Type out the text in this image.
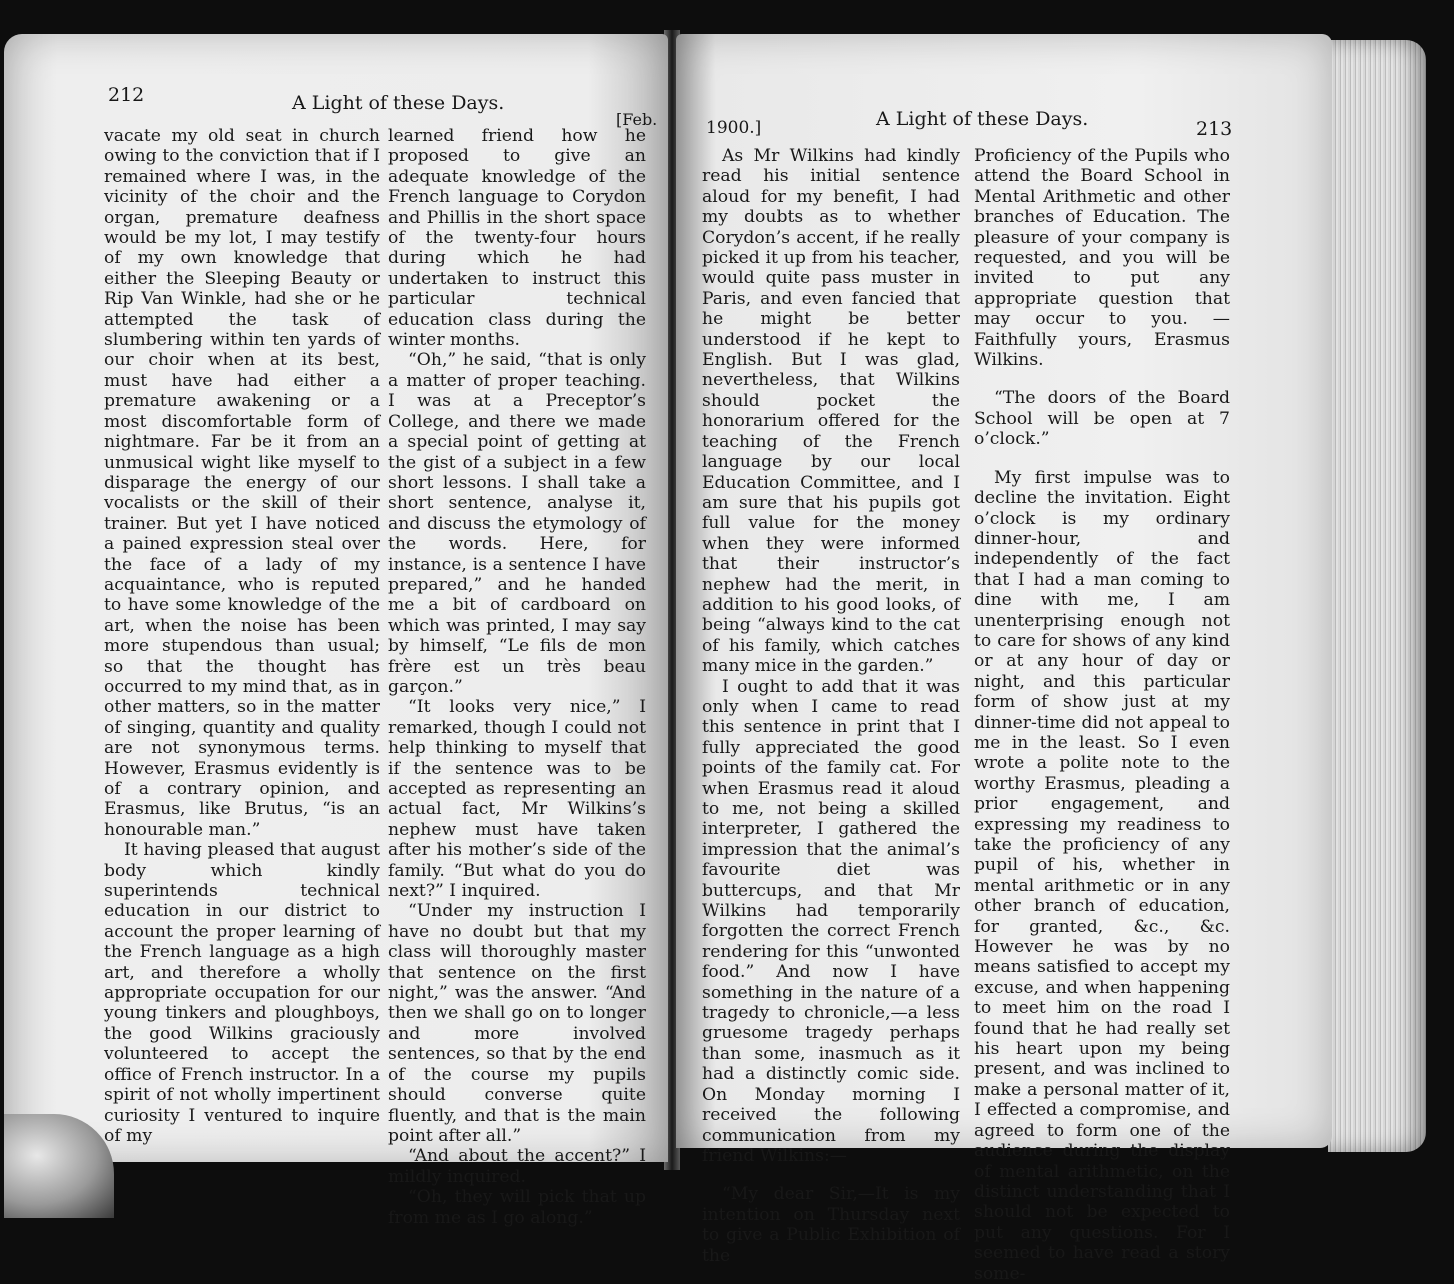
212	A Light of these Days.
[Feb.

vacate my old seat in church owing to the conviction that if I remained where I was, in the vicinity of the choir and the organ, premature deafness would be my lot, I may testify of my own knowledge that either the Sleeping Beauty or Rip Van Winkle, had she or he attempted the task of slumbering within ten yards of our choir when at its best, must have had either a premature awakening or a most discomfortable form of nightmare. Far be it from an unmusical wight like myself to disparage the energy of our vocalists or the skill of their trainer. But yet I have noticed a pained expression steal over the face of a lady of my acquaintance, who is reputed to have some knowledge of the art, when the noise has been more stupendous than usual; so that the thought has occurred to my mind that, as in other matters, so in the matter of singing, quantity and quality are not synonymous terms. However, Erasmus evidently is of a contrary opinion, and Erasmus, like Brutus, “is an honourable man.”

It having pleased that august body which kindly superintends technical education in our district to account the proper learning of the French language as a high art, and therefore a wholly appropriate occupation for our young tinkers and ploughboys, the good Wilkins graciously volunteered to accept the office of French instructor. In a spirit of not wholly impertinent curiosity I ventured to inquire of my

learned friend how he proposed to give an adequate knowledge of the French language to Corydon and Phillis in the short space of the twenty-four hours during which he had undertaken to instruct this particular technical education class during the winter months.

“Oh,” he said, “that is only a matter of proper teaching. I was at a Preceptor’s College, and there we made a special point of getting at the gist of a subject in a few short lessons. I shall take a short sentence, analyse it, and discuss the etymology of the words. Here, for instance, is a sentence I have prepared,” and he handed me a bit of cardboard on which was printed, I may say by himself, “Le fils de mon frère est un très beau garçon.”

“It looks very nice,” I remarked, though I could not help thinking to myself that if the sentence was to be accepted as representing an actual fact, Mr Wilkins’s nephew must have taken after his mother’s side of the family. “But what do you do next?” I inquired.

“Under my instruction I have no doubt but that my class will thoroughly master that sentence on the first night,” was the answer. “And then we shall go on to longer and more involved sentences, so that by the end of the course my pupils should converse quite fluently, and that is the main point after all.”

“And about the accent?” I mildly inquired.

“Oh, they will pick that up from me as I go along.”

1900.]	A Light of these Days.	213

As Mr Wilkins had kindly read his initial sentence aloud for my benefit, I had my doubts as to whether Corydon’s accent, if he really picked it up from his teacher, would quite pass muster in Paris, and even fancied that he might be better understood if he kept to English. But I was glad, nevertheless, that Wilkins should pocket the honorarium offered for the teaching of the French language by our local Education Committee, and I am sure that his pupils got full value for the money when they were informed that their instructor’s nephew had the merit, in addition to his good looks, of being “always kind to the cat of his family, which catches many mice in the garden.”

I ought to add that it was only when I came to read this sentence in print that I fully appreciated the good points of the family cat. For when Erasmus read it aloud to me, not being a skilled interpreter, I gathered the impression that the animal’s favourite diet was buttercups, and that Mr Wilkins had temporarily forgotten the correct French rendering for this “unwonted food.” And now I have something in the nature of a tragedy to chronicle,—a less gruesome tragedy perhaps than some, inasmuch as it had a distinctly comic side. On Monday morning I received the following communication from my friend Wilkins:—

“My dear Sir,—It is my intention on Thursday next to give a Public Exhibition of the

Proficiency of the Pupils who attend the Board School in Mental Arithmetic and other branches of Education. The pleasure of your company is requested, and you will be invited to put any appropriate question that may occur to you. —Faithfully yours, Erasmus Wilkins.

“The doors of the Board School will be open at 7 o’clock.”

My first impulse was to decline the invitation. Eight o’clock is my ordinary dinner-hour, and independently of the fact that I had a man coming to dine with me, I am unenterprising enough not to care for shows of any kind or at any hour of day or night, and this particular form of show just at my dinner-time did not appeal to me in the least. So I even wrote a polite note to the worthy Erasmus, pleading a prior engagement, and expressing my readiness to take the proficiency of any pupil of his, whether in mental arithmetic or in any other branch of education, for granted, &c., &c. However he was by no means satisfied to accept my excuse, and when happening to meet him on the road I found that he had really set his heart upon my being present, and was inclined to make a personal matter of it, I effected a compromise, and agreed to form one of the audience during the display of mental arithmetic, on the distinct understanding that I should not be expected to put any questions. For I seemed to have read a story some-
